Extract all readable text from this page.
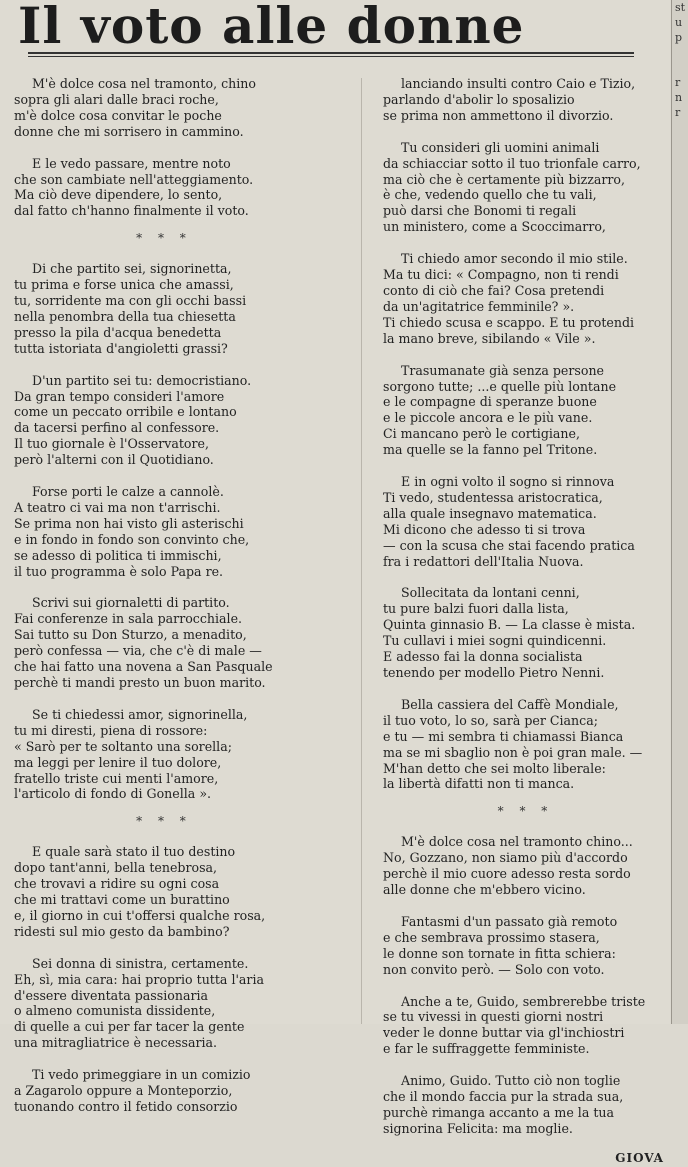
Il voto alle donne

M'è dolce cosa nel tramonto, chino

sopra gli alari dalle braci roche,

m'è dolce cosa convitar le poche

donne che mi sorrisero in cammino.

E le vedo passare, mentre noto

che son cambiate nell'atteggiamento.

Ma ciò deve dipendere, lo sento,

dal fatto ch'hanno finalmente il voto.

* * *

Di che partito sei, signorinetta,

tu prima e forse unica che amassi,

tu, sorridente ma con gli occhi bassi

nella penombra della tua chiesetta

presso la pila d'acqua benedetta

tutta istoriata d'angioletti grassi?

D'un partito sei tu: democristiano.

Da gran tempo consideri l'amore

come un peccato orribile e lontano

da tacersi perfino al confessore.

Il tuo giornale è l'Osservatore,

però l'alterni con il Quotidiano.

Forse porti le calze a cannolè.

A teatro ci vai ma non t'arrischi.

Se prima non hai visto gli asterischi

e in fondo in fondo son convinto che,

se adesso di politica ti immischi,

il tuo programma è solo Papa re.

Scrivi sui giornaletti di partito.

Fai conferenze in sala parrocchiale.

Sai tutto su Don Sturzo, a menadito,

però confessa — via, che c'è di male —

che hai fatto una novena a San Pasquale

perchè ti mandi presto un buon marito.

Se ti chiedessi amor, signorinella,

tu mi diresti, piena di rossore:

« Sarò per te soltanto una sorella;

ma leggi per lenire il tuo dolore,

fratello triste cui menti l'amore,

l'articolo di fondo di Gonella ».

* * *

E quale sarà stato il tuo destino

dopo tant'anni, bella tenebrosa,

che trovavi a ridire su ogni cosa

che mi trattavi come un burattino

e, il giorno in cui t'offersi qualche rosa,

ridesti sul mio gesto da bambino?

Sei donna di sinistra, certamente.

Eh, sì, mia cara: hai proprio tutta l'aria

d'essere diventata passionaria

o almeno comunista dissidente,

di quelle a cui per far tacer la gente

una mitragliatrice è necessaria.

Ti vedo primeggiare in un comizio

a Zagarolo oppure a Monteporzio,

tuonando contro il fetido consorzio

lanciando insulti contro Caio e Tizio,

parlando d'abolir lo sposalizio

se prima non ammettono il divorzio.

Tu consideri gli uomini animali

da schiacciar sotto il tuo trionfale carro,

ma ciò che è certamente più bizzarro,

è che, vedendo quello che tu vali,

può darsi che Bonomi ti regali

un ministero, come a Scoccimarro,

Ti chiedo amor secondo il mio stile.

Ma tu dici: « Compagno, non ti rendi

conto di ciò che fai? Cosa pretendi

da un'agitatrice femminile? ».

Ti chiedo scusa e scappo. E tu protendi

la mano breve, sibilando « Vile ».

Trasumanate già senza persone

sorgono tutte; ...e quelle più lontane

e le compagne di speranze buone

e le piccole ancora e le più vane.

Ci mancano però le cortigiane,

ma quelle se la fanno pel Tritone.

E in ogni volto il sogno si rinnova

Ti vedo, studentessa aristocratica,

alla quale insegnavo matematica.

Mi dicono che adesso ti si trova

— con la scusa che stai facendo pratica

fra i redattori dell'Italia Nuova.

Sollecitata da lontani cenni,

tu pure balzi fuori dalla lista,

Quinta ginnasio B. — La classe è mista.

Tu cullavi i miei sogni quindicenni.

E adesso fai la donna socialista

tenendo per modello Pietro Nenni.

Bella cassiera del Caffè Mondiale,

il tuo voto, lo so, sarà per Cianca;

e tu — mi sembra ti chiamassi Bianca

ma se mi sbaglio non è poi gran male. —

M'han detto che sei molto liberale:

la libertà difatti non ti manca.

* * *

M'è dolce cosa nel tramonto chino...

No, Gozzano, non siamo più d'accordo

perchè il mio cuore adesso resta sordo

alle donne che m'ebbero vicino.

Fantasmi d'un passato già remoto

e che sembrava prossimo stasera,

le donne son tornate in fitta schiera:

non convito però. — Solo con voto.

Anche a te, Guido, sembrerebbe triste

se tu vivessi in questi giorni nostri

veder le donne buttar via gl'inchiostri

e far le suffraggette femministe.

Animo, Guido. Tutto ciò non toglie

che il mondo faccia pur la strada sua,

purchè rimanga accanto a me la tua

signorina Felicita: ma moglie.

GIOVA
st
u
p

r
n
r
